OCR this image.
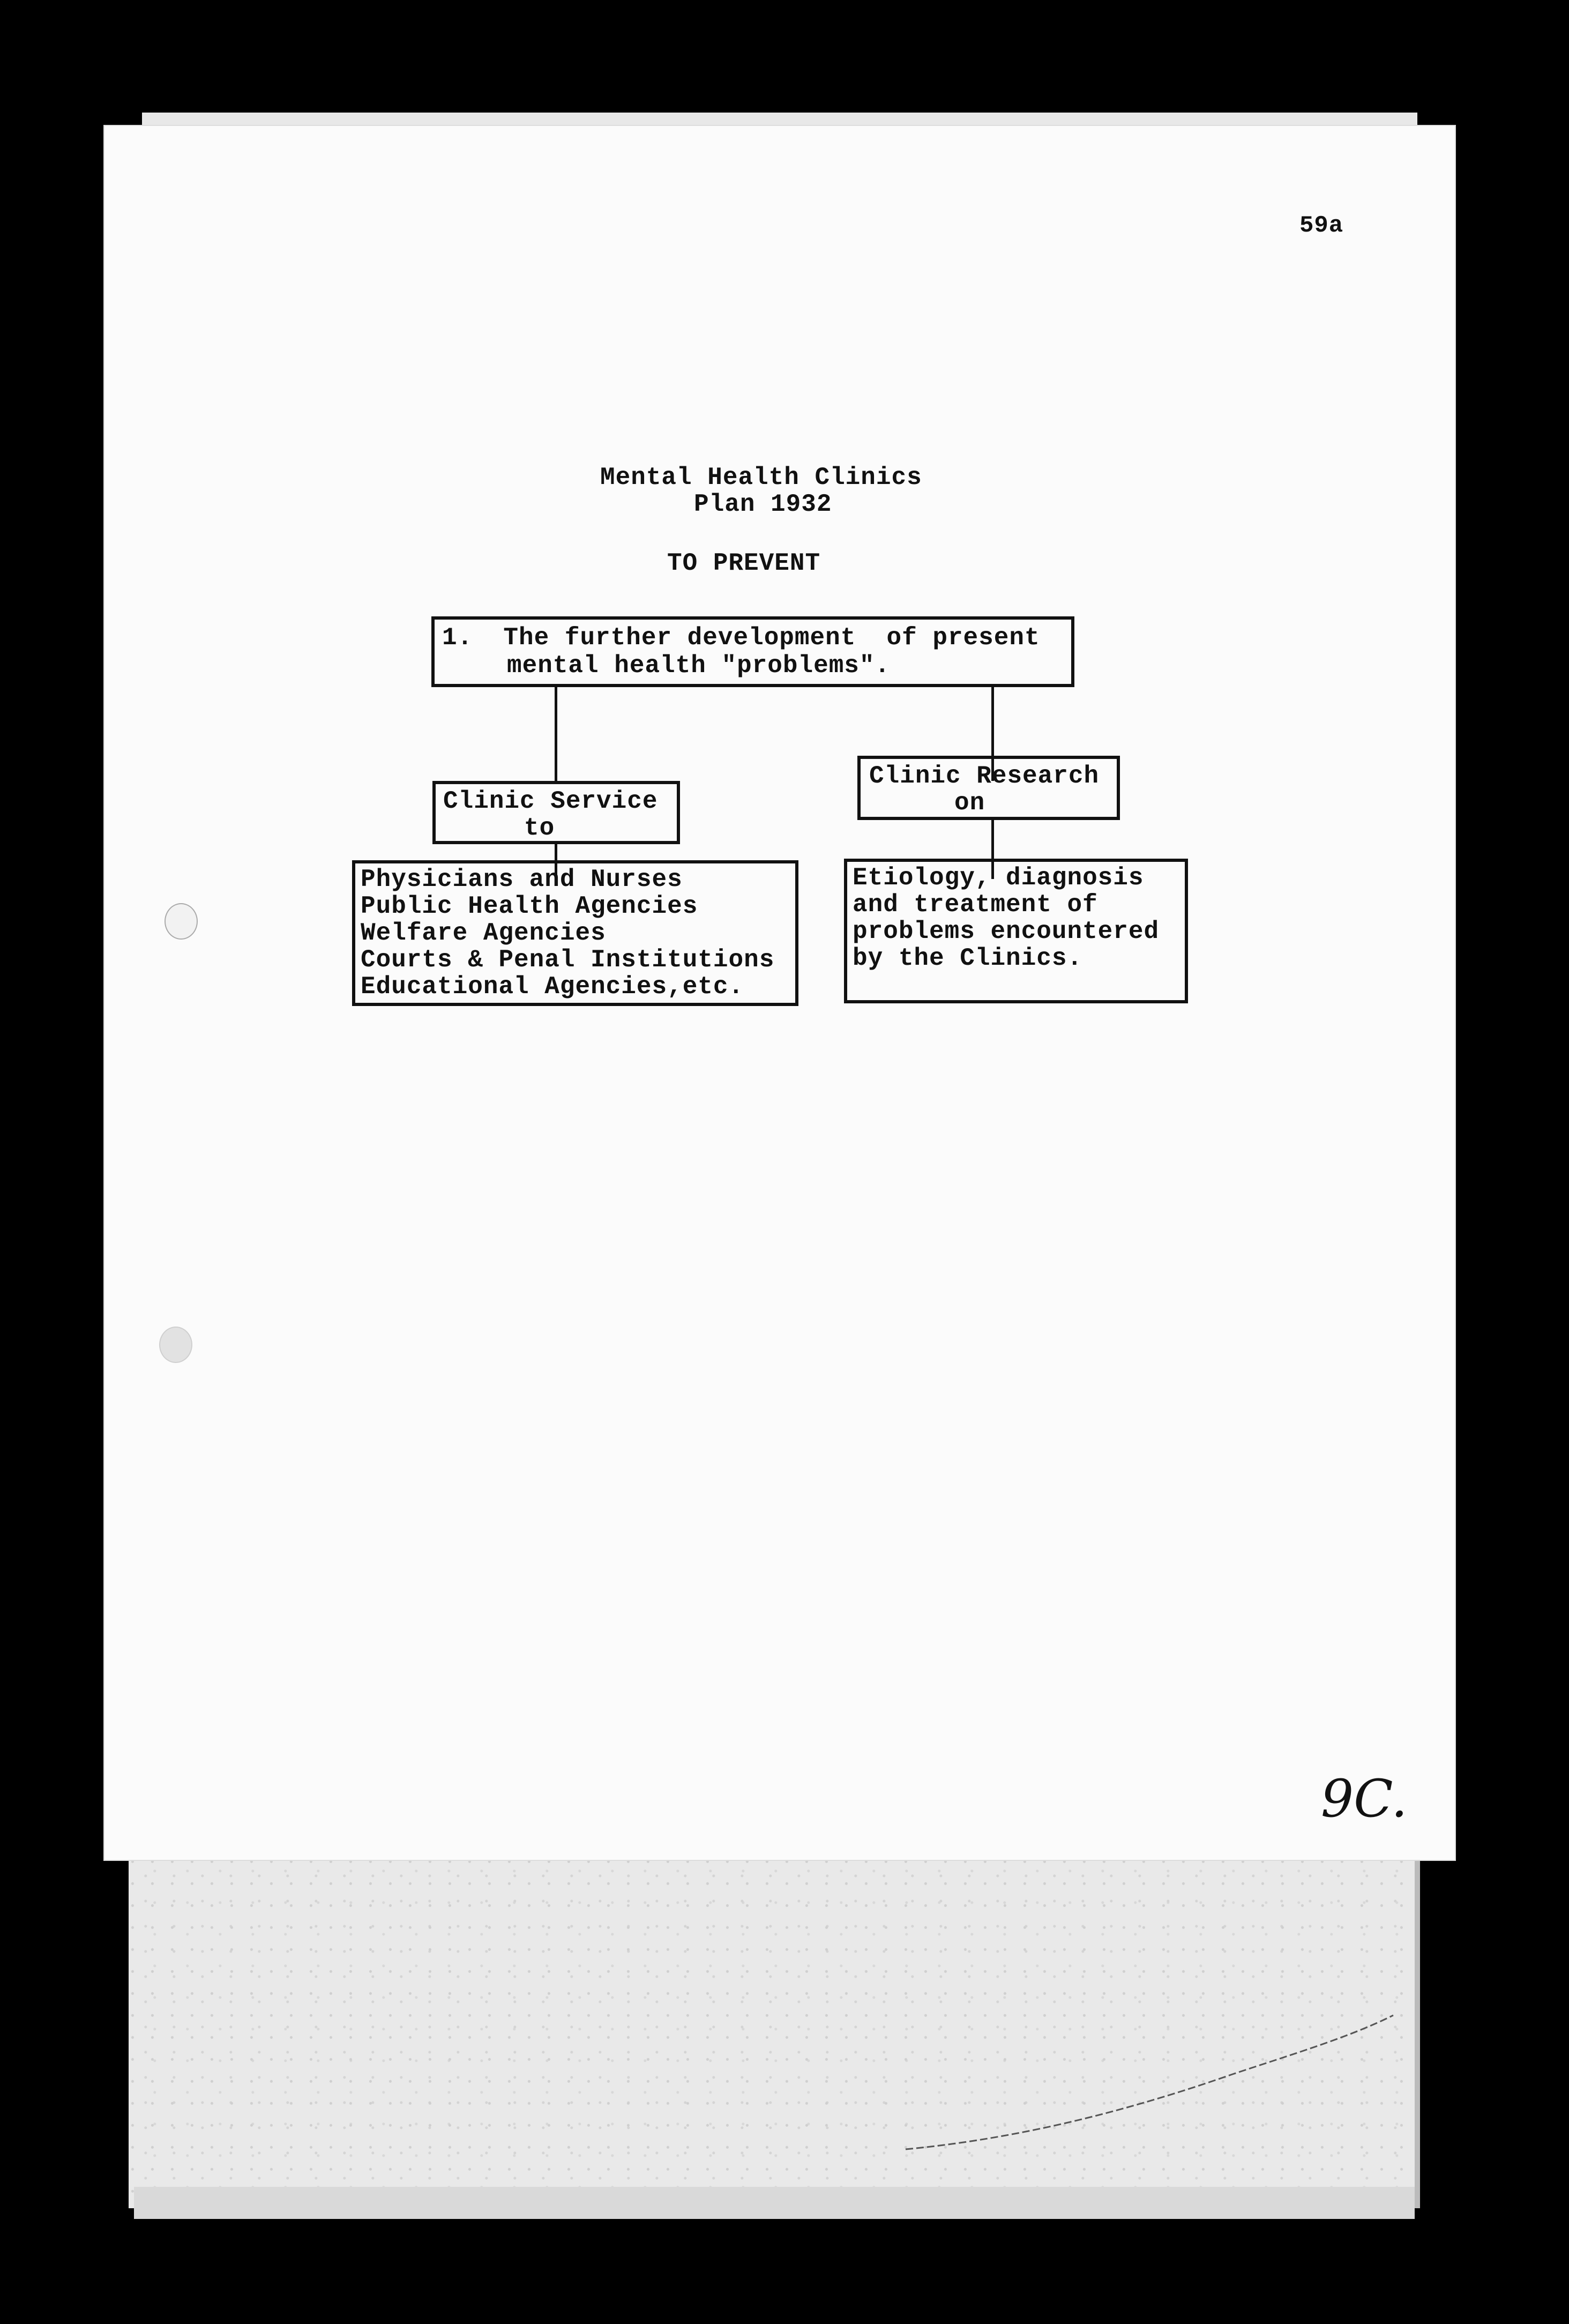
59a
Mental Health Clinics
Plan 1932
TO PREVENT
1.  The further development  of present
mental health "problems".
Clinic Service
to
Clinic Research
on
Physicians and Nurses
Public Health Agencies
Welfare Agencies
Courts & Penal Institutions
Educational Agencies,etc.
Etiology, diagnosis
and treatment of
problems encountered
by the Clinics.
9C.
